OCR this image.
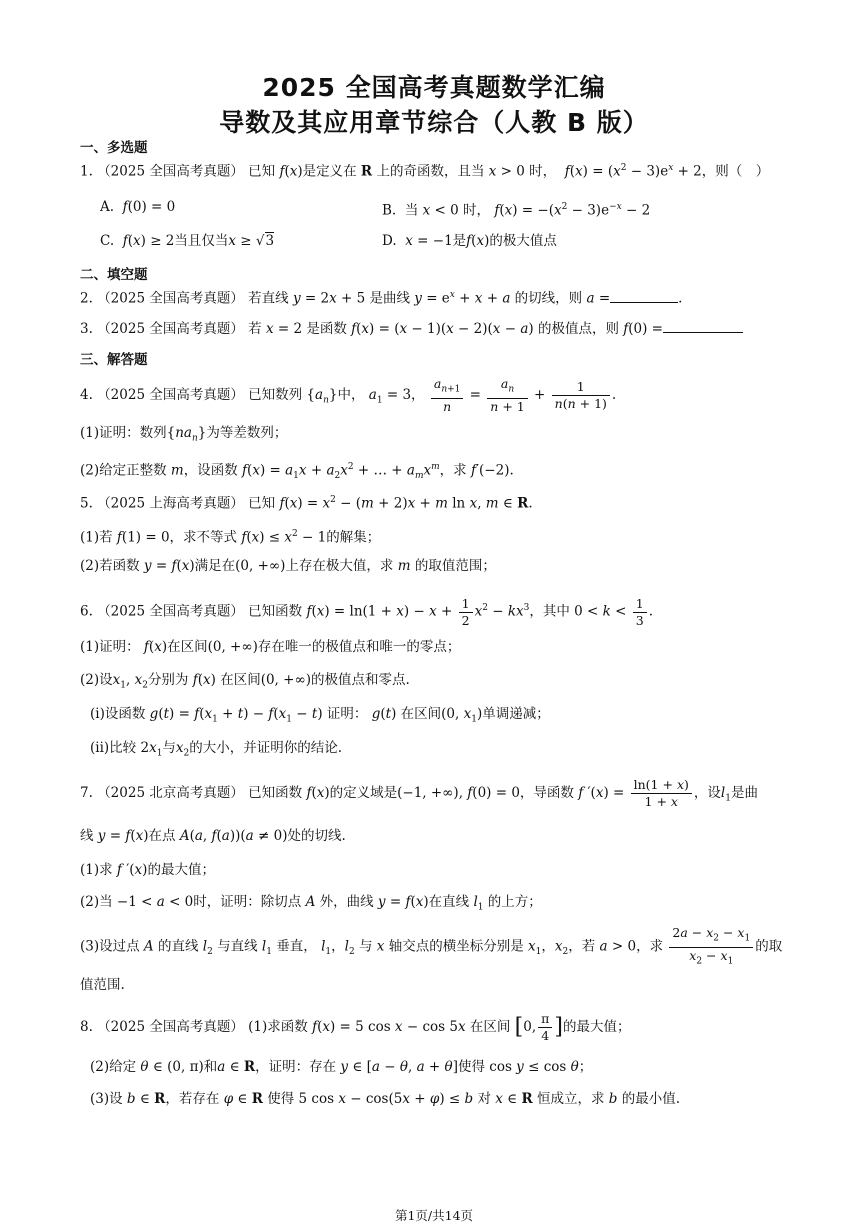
2025 全国高考真题数学汇编
导数及其应用章节综合（人教 B 版）
一、多选题
1. （2025 全国高考真题） 已知 f(x)是定义在 R 上的奇函数，且当 x > 0 时， $f(x) = (x^2 - 3)e^x + 2$，则（　）
A. f(0) = 0	B. 当 x < 0 时， $f(x) = -(x^2 - 3)e^{-x} - 2$
C. f(x) ≥ 2当且仅当x ≥ √3	D. x = −1是f(x)的极大值点
二、填空题
2. （2025 全国高考真题） 若直线 y = 2x + 5 是曲线 $y = e^x + x + a$ 的切线，则 a =	.
3. （2025 全国高考真题） 若 x = 2 是函数 f(x) = (x − 1)(x − 2)(x − a) 的极值点，则 f(0) =
三、解答题
4. （2025 全国高考真题） 已知数列 $\{a_n\}$中， $a_1 = 3$， $\frac{a_{n+1}}{n} = \frac{a_n}{n + 1} + \frac{1}{n(n + 1)}$ .
(1)证明：数列$\{na_n\}$为等差数列；
(2)给定正整数 m，设函数 $f(x) = a_1x + a_2x^2$ + … + $a_mx^m$，求 f′(−2).
5. （2025 上海高考真题） 已知 $f(x) = x^2 - (m + 2)x + m$ ln x, m ∈ R.
(1)若 f(1) = 0，求不等式 $f(x) \le x^2 - 1$的解集；
(2)若函数 y = f(x)满足在(0, +∞)上存在极大值，求 m 的取值范围；
6. （2025 全国高考真题） 已知函数 $f(x) = \ln(1 + x) - x + \frac{1}{2} x^2 - kx^3$，其中 $0 < k < \frac{1}{3}$ .
(1)证明： f(x)在区间(0, +∞)存在唯一的极值点和唯一的零点；
(2)设$x_1$, $x_2$分别为 f(x) 在区间(0, +∞)的极值点和零点.
(i)设函数 $g(t) = f(x_1 + t) - f(x_1 - t)$ 证明： g(t) 在区间(0, $x_1$)单调递减；
(ii)比较 $2x_1$与$x_2$的大小，并证明你的结论.
7. （2025 北京高考真题） 已知函数 f(x)的定义域是(−1, +∞), f(0) = 0，导函数 f $'(x) = \frac{\ln(1 + x)}{1 + x}$ ，设$l_1$是曲
线 y = f(x)在点 A(a, f(a))(a ≠ 0)处的切线.
(1)求 f ′(x)的最大值；
(2)当 −1 < a < 0时，证明：除切点 A 外，曲线 y = f(x)在直线 $l_1$ 的上方；
(3)设过点 A 的直线 $l_2$ 与直线 $l_1$ 垂直， $l_1$，$l_2$ 与 x 轴交点的横坐标分别是 $x_1$，$x_2$，若 a > 0，求 $\frac{2a - x_2 - x_1}{x_2 - x_1}$ 的取
值范围.
8. （2025 全国高考真题） (1)求函数 f(x) = 5 cos x − cos 5x 在区间 [0, $\frac{\pi}{4}$ ]的最大值；
(2)给定 θ ∈ (0, π)和a ∈ R，证明：存在 y ∈ [a − θ, a + θ]使得 cos y ≤ cos θ；
(3)设 b ∈ R，若存在 φ ∈ R 使得 5 cos x − cos(5x + φ) ≤ b 对 x ∈ R 恒成立，求 b 的最小值.
第1页/共14页
